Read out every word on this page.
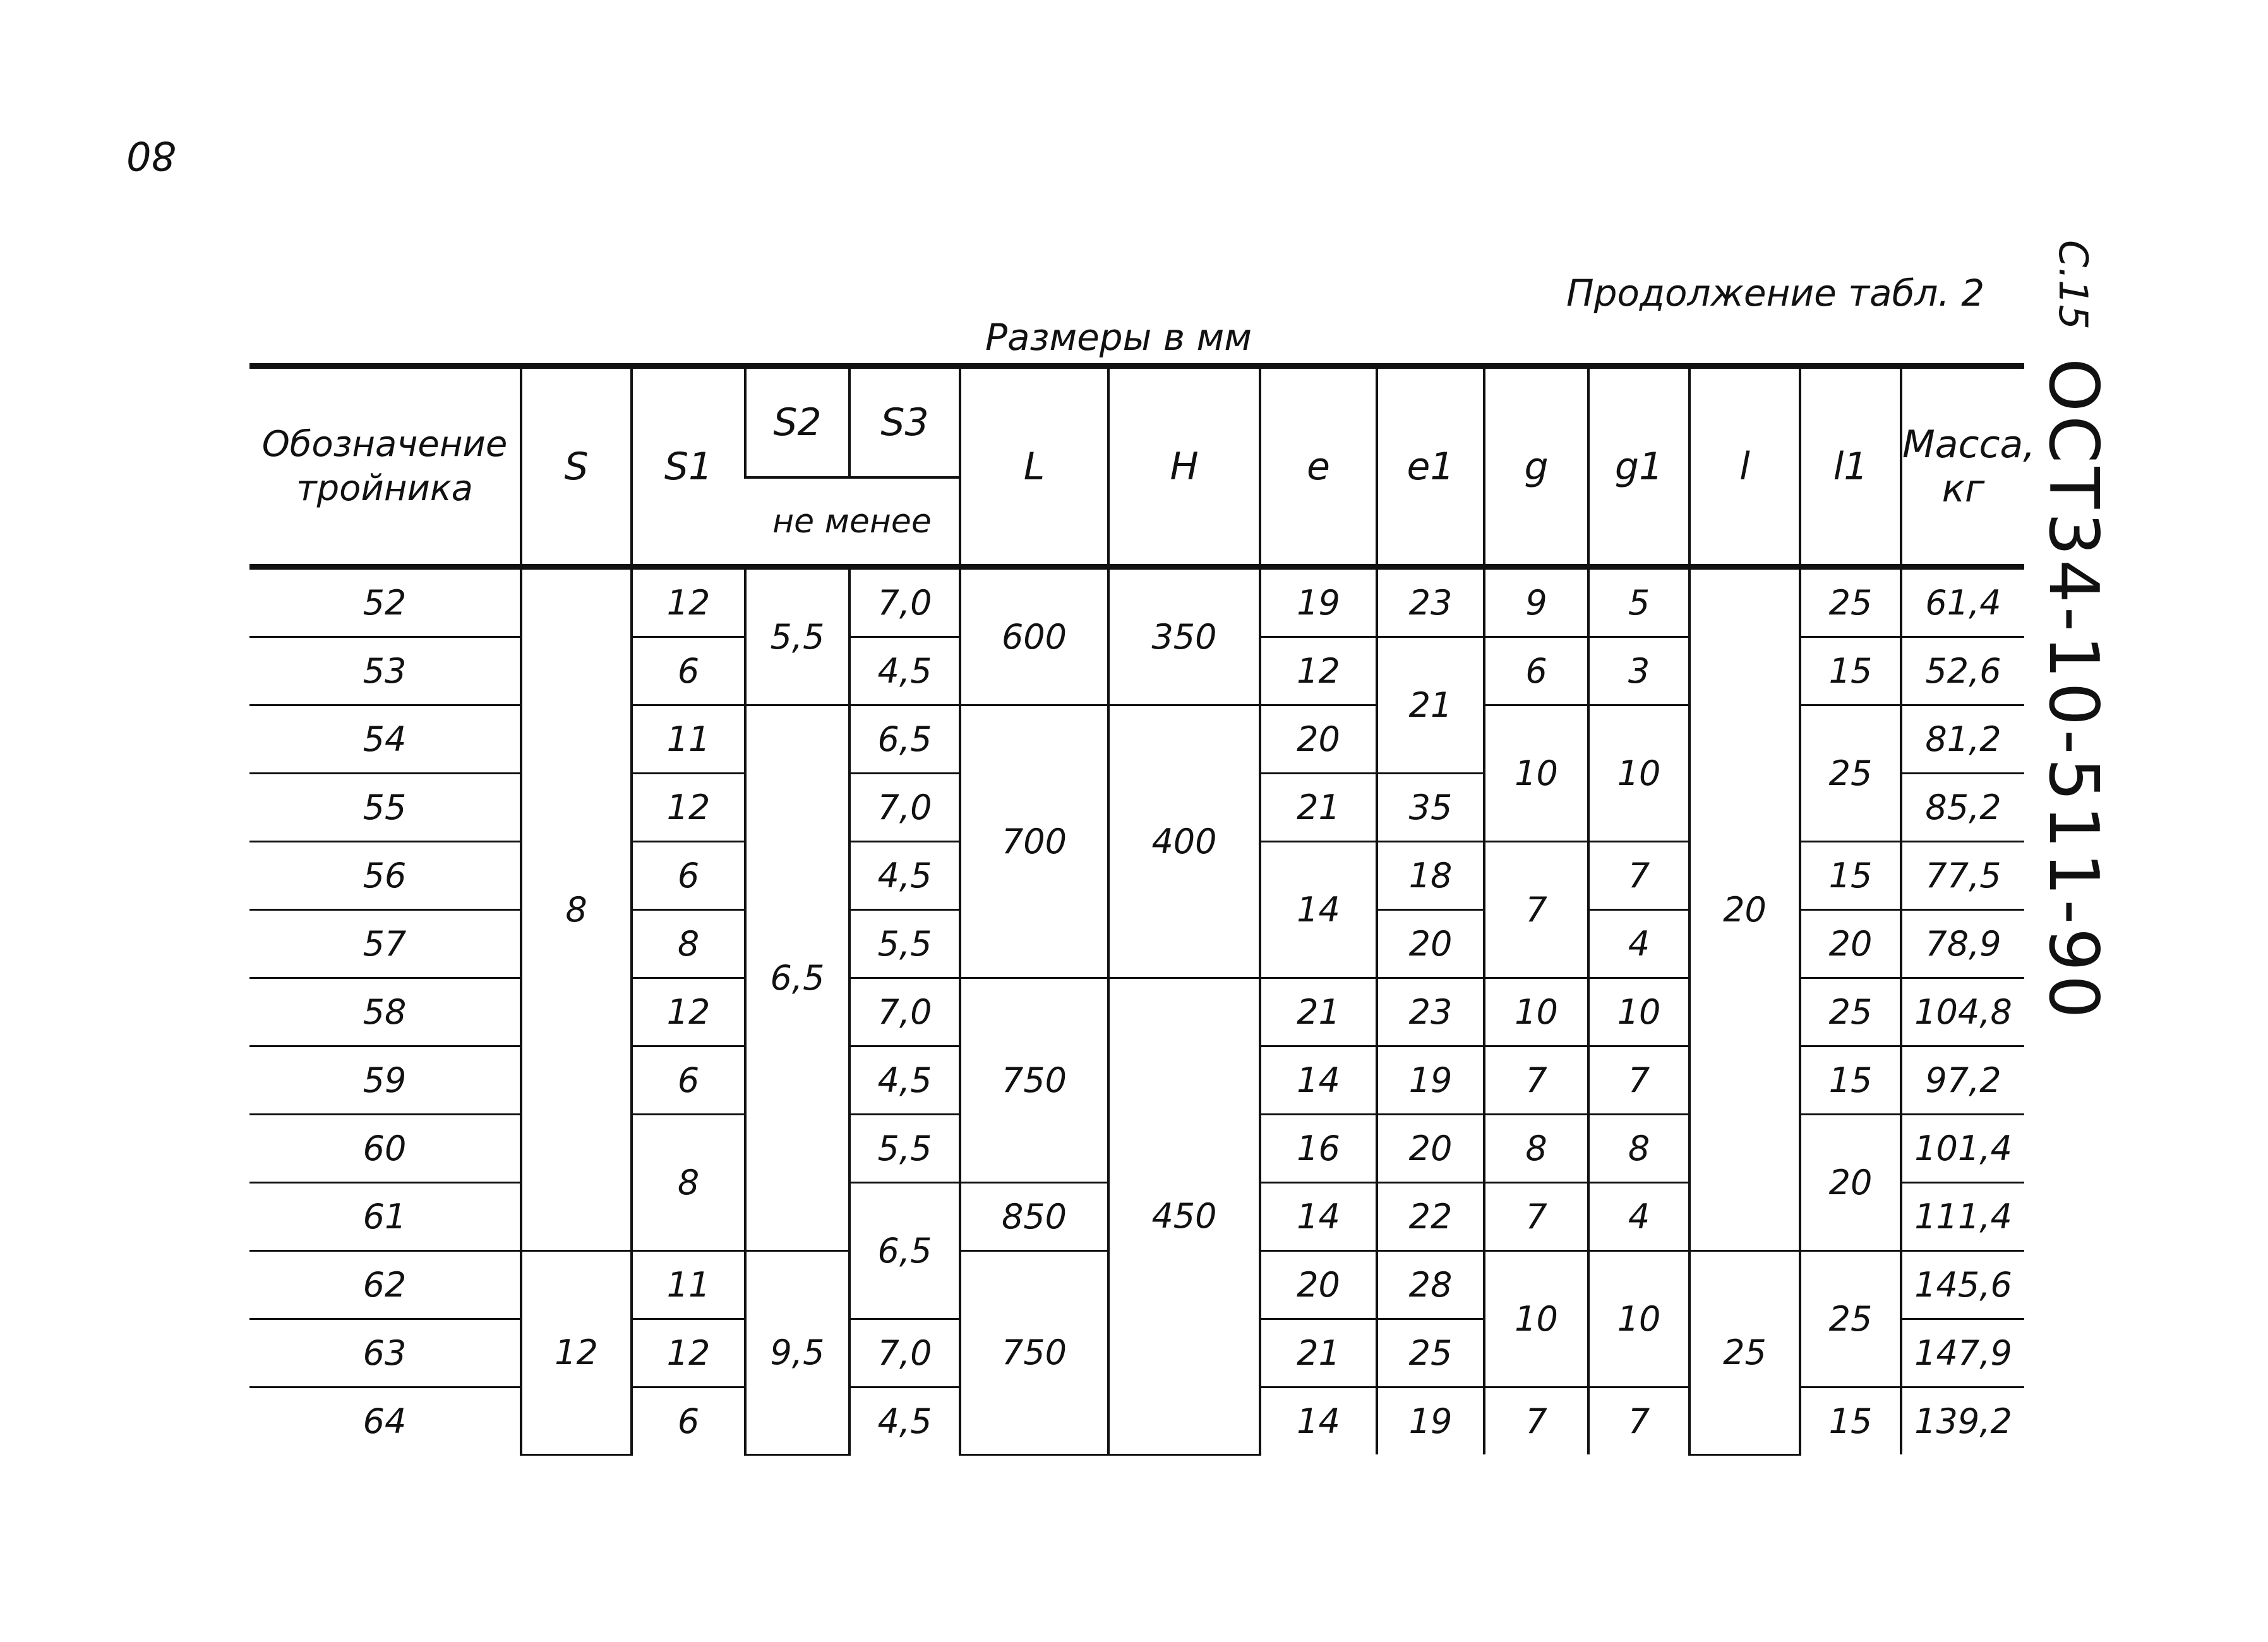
80
Продолжение табл. 2
Размеры в мм
С.15 ОСТ34-10-511-90
Обозначение тройника	S	S1	S2	S3	L	H	e	e1	g	g1	l	l1	Масса, кг
			не менее										
52	8	12	5,5	7,0	600	350	19	23	9	5	20	25	61,4
53		6		4,5			12	21	6	3		15	52,6
54		11	6,5	6,5	700	400	20		10	10		25	81,2
55		12		7,0			21	35					85,2
56		6		4,5			14	18	7	7		15	77,5
57		8		5,5				20		4		20	78,9
58		12		7,0	750	450	21	23	10	10		25	104,8
59		6		4,5			14	19	7	7		15	97,2
60		8		5,5			16	20	8	8		20	101,4
61				6,5	850		14	22	7	4			111,4
62	12	11	9,5		750		20	28	10	10	25	25	145,6
63		12		7,0			21	25					147,9
64		6		4,5			14	19	7	7		15	139,2
